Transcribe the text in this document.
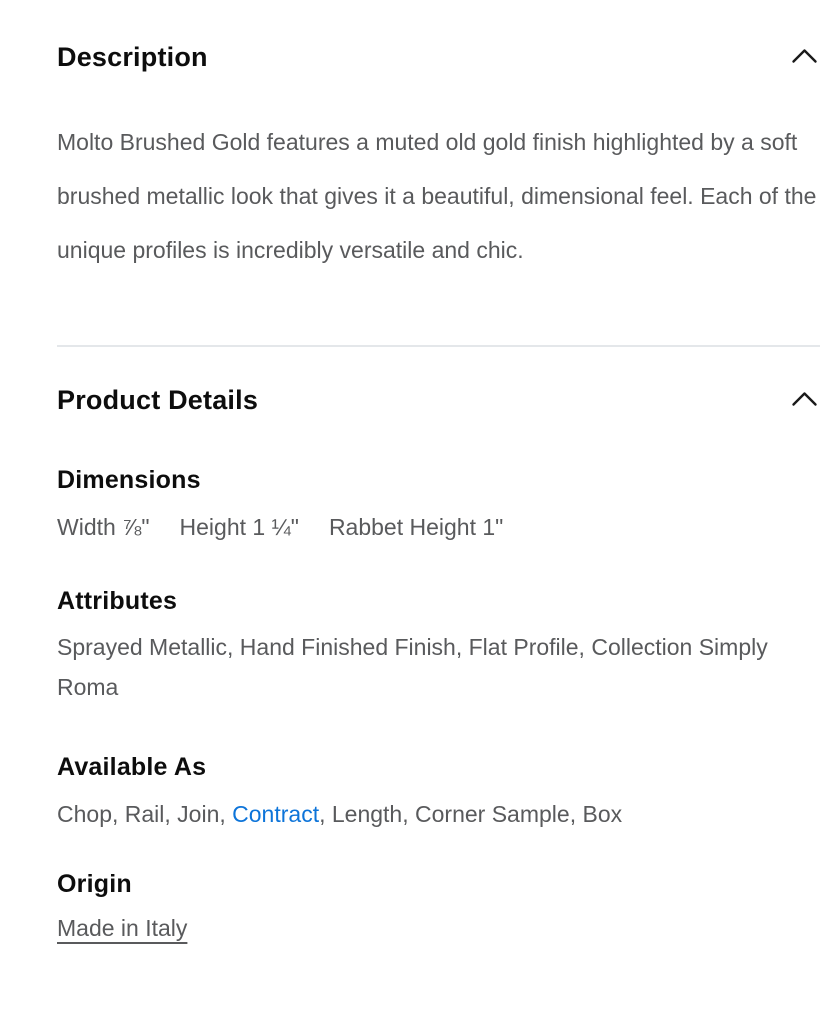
Description

Molto Brushed Gold features a muted old gold finish highlighted by a soft brushed metallic look that gives it a beautiful, dimensional feel. Each of the unique profiles is incredibly versatile and chic.

Product Details
Dimensions
Width ⅞" Height 1 ¼" Rabbet Height 1"
Attributes

Sprayed Metallic, Hand Finished Finish, Flat Profile, Collection Simply Roma

Available As

Chop, Rail, Join, Contract, Length, Corner Sample, Box

Origin
Made in Italy
